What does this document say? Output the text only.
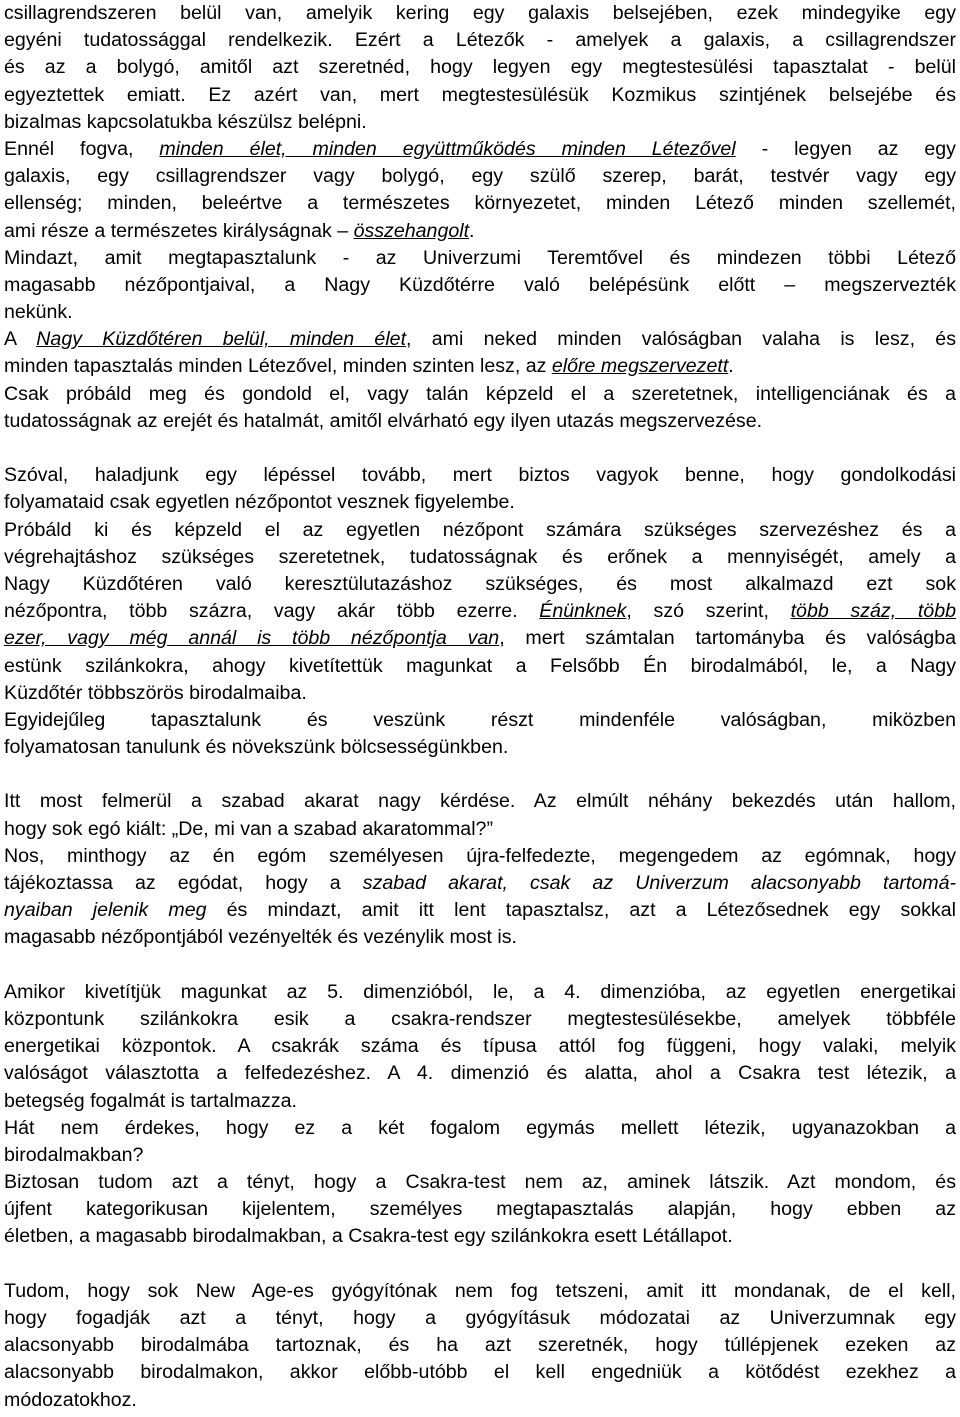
csillagrendszeren belül van, amelyik kering egy galaxis belsejében, ezek mindegyike egy
egyéni tudatossággal rendelkezik. Ezért a Létezők - amelyek a galaxis, a csillagrendszer
és az a bolygó, amitől azt szeretnéd, hogy legyen egy megtestesülési tapasztalat - belül
egyeztettek emiatt. Ez azért van, mert megtestesülésük Kozmikus szintjének belsejébe és
bizalmas kapcsolatukba készülsz belépni.
Ennél fogva, minden élet, minden együttműködés minden Létezővel - legyen az egy
galaxis, egy csillagrendszer vagy bolygó, egy szülő szerep, barát, testvér vagy egy
ellenség; minden, beleértve a természetes környezetet, minden Létező minden szellemét,
ami része a természetes királyságnak – összehangolt.
Mindazt, amit megtapasztalunk - az Univerzumi Teremtővel és mindezen többi Létező
magasabb nézőpontjaival, a Nagy Küzdőtérre való belépésünk előtt – megszervezték
nekünk.
A Nagy Küzdőtéren belül, minden élet, ami neked minden valóságban valaha is lesz, és
minden tapasztalás minden Létezővel, minden szinten lesz, az előre megszervezett.
Csak próbáld meg és gondold el, vagy talán képzeld el a szeretetnek, intelligenciának és a
tudatosságnak az erejét és hatalmát, amitől elvárható egy ilyen utazás megszervezése.
Szóval, haladjunk egy lépéssel tovább, mert biztos vagyok benne, hogy gondolkodási
folyamataid csak egyetlen nézőpontot vesznek figyelembe.
Próbáld ki és képzeld el az egyetlen nézőpont számára szükséges szervezéshez és a
végrehajtáshoz szükséges szeretetnek, tudatosságnak és erőnek a mennyiségét, amely a
Nagy Küzdőtéren való keresztülutazáshoz szükséges, és most alkalmazd ezt sok
nézőpontra, több százra, vagy akár több ezerre. Énünknek, szó szerint, több száz, több
ezer, vagy még annál is több nézőpontja van, mert számtalan tartományba és valóságba
estünk szilánkokra, ahogy kivetítettük magunkat a Felsőbb Én birodalmából, le, a Nagy
Küzdőtér többszörös birodalmaiba.
Egyidejűleg tapasztalunk és veszünk részt mindenféle valóságban, miközben
folyamatosan tanulunk és növekszünk bölcsességünkben.
Itt most felmerül a szabad akarat nagy kérdése. Az elmúlt néhány bekezdés után hallom,
hogy sok egó kiált: „De, mi van a szabad akaratommal?”
Nos, minthogy az én egóm személyesen újra-felfedezte, megengedem az egómnak, hogy
tájékoztassa az egódat, hogy a szabad akarat, csak az Univerzum alacsonyabb tartomá-
nyaiban jelenik meg és mindazt, amit itt lent tapasztalsz, azt a Létezősednek egy sokkal
magasabb nézőpontjából vezényelték és vezénylik most is.
Amikor kivetítjük magunkat az 5. dimenzióból, le, a 4. dimenzióba, az egyetlen energetikai
központunk szilánkokra esik a csakra-rendszer megtestesülésekbe, amelyek többféle
energetikai központok. A csakrák száma és típusa attól fog függeni, hogy valaki, melyik
valóságot választotta a felfedezéshez. A 4. dimenzió és alatta, ahol a Csakra test létezik, a
betegség fogalmát is tartalmazza.
Hát nem érdekes, hogy ez a két fogalom egymás mellett létezik, ugyanazokban a
birodalmakban?
Biztosan tudom azt a tényt, hogy a Csakra-test nem az, aminek látszik. Azt mondom, és
újfent kategorikusan kijelentem, személyes megtapasztalás alapján, hogy ebben az
életben, a magasabb birodalmakban, a Csakra-test egy szilánkokra esett Létállapot.
Tudom, hogy sok New Age-es gyógyítónak nem fog tetszeni, amit itt mondanak, de el kell,
hogy fogadják azt a tényt, hogy a gyógyításuk módozatai az Univerzumnak egy
alacsonyabb birodalmába tartoznak, és ha azt szeretnék, hogy túllépjenek ezeken az
alacsonyabb birodalmakon, akkor előbb-utóbb el kell engedniük a kötődést ezekhez a
módozatokhoz.
